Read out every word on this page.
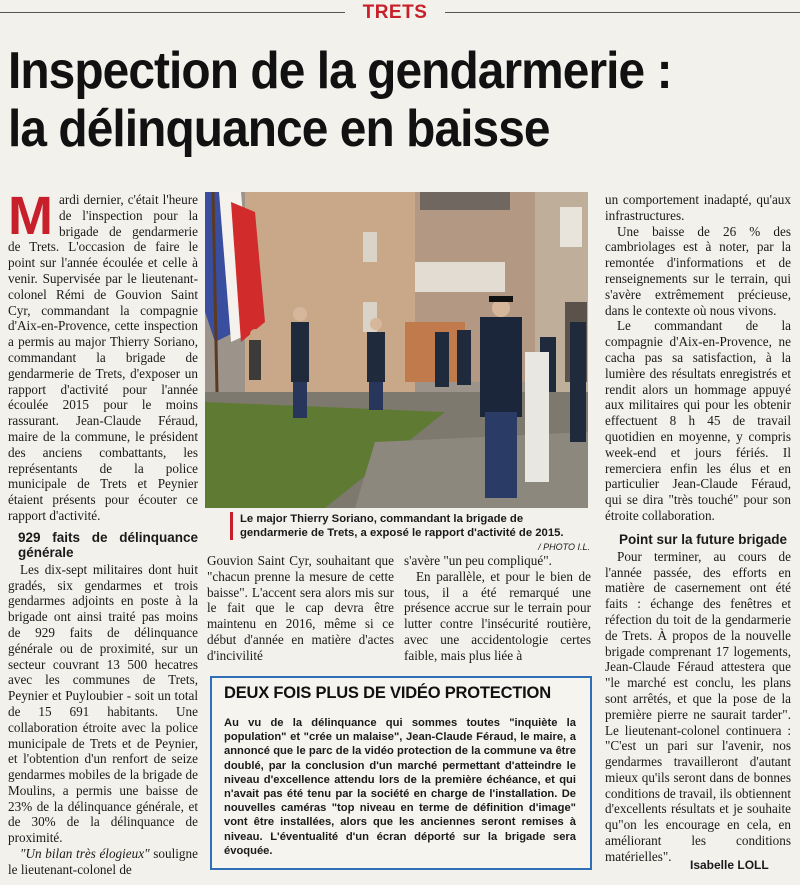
TRETS
Inspection de la gendarmerie :
la délinquance en baisse

Mardi dernier, c'était l'heure de l'inspection pour la brigade de gendarmerie de Trets. L'occasion de faire le point sur l'année écoulée et celle à venir. Supervisée par le lieutenant-colonel Rémi de Gouvion Saint Cyr, commandant la compagnie d'Aix-en-Provence, cette inspection a permis au major Thierry Soriano, commandant la brigade de gendarmerie de Trets, d'exposer un rapport d'activité pour l'année écoulée 2015 pour le moins rassurant. Jean-Claude Féraud, maire de la commune, le président des anciens combattants, les représentants de la police municipale de Trets et Peynier étaient présents pour écouter ce rapport d'activité.

929 faits de délinquance générale

Les dix-sept militaires dont huit gradés, six gendarmes et trois gendarmes adjoints en poste à la brigade ont ainsi traité pas moins de 929 faits de délinquance générale ou de proximité, sur un secteur couvrant 13 500 hecatres avec les communes de Trets, Peynier et Puyloubier - soit un total de 15 691 habitants. Une collaboration étroite avec la police municipale de Trets et de Peynier, et l'obtention d'un renfort de seize gendarmes mobiles de la brigade de Moulins, a permis une baisse de 23% de la délinquance générale, et de 30% de la délinquance de proximité.

"Un bilan très élogieux" souligne le lieutenant-colonel de

Le major Thierry Soriano, commandant la brigade de gendarmerie de Trets, a exposé le rapport d'activité de 2015.
/ PHOTO I.L.

Gouvion Saint Cyr, souhaitant que "chacun prenne la mesure de cette baisse". L'accent sera alors mis sur le fait que le cap devra être maintenu en 2016, même si ce début d'année en matière d'actes d'incivilité

s'avère "un peu compliqué".

En parallèle, et pour le bien de tous, il a été remarqué une présence accrue sur le terrain pour lutter contre l'insécurité routière, avec une accidentologie certes faible, mais plus liée à

DEUX FOIS PLUS DE VIDÉO PROTECTION
Au vu de la délinquance qui sommes toutes "inquiète la population" et "crée un malaise", Jean-Claude Féraud, le maire, a annoncé que le parc de la vidéo protection de la commune va être doublé, par la conclusion d'un marché permettant d'atteindre le niveau d'excellence attendu lors de la première échéance, et qui n'avait pas été tenu par la société en charge de l'installation. De nouvelles caméras "top niveau en terme de définition d'image" vont être installées, alors que les anciennes seront remises à niveau. L'éventualité d'un écran déporté sur la brigade sera évoquée.

un comportement inadapté, qu'aux infrastructures.

Une baisse de 26 % des cambriolages est à noter, par la remontée d'informations et de renseignements sur le terrain, qui s'avère extrêmement précieuse, dans le contexte où nous vivons.

Le commandant de la compagnie d'Aix-en-Provence, ne cacha pas sa satisfaction, à la lumière des résultats enregistrés et rendit alors un hommage appuyé aux militaires qui pour les obtenir effectuent 8 h 45 de travail quotidien en moyenne, y compris week-end et jours fériés. Il remerciera enfin les élus et en particulier Jean-Claude Féraud, qui se dira "très touché" pour son étroite collaboration.

Point sur la future brigade

Pour terminer, au cours de l'année passée, des efforts en matière de casernement ont été faits : échange des fenêtres et réfection du toit de la gendarmerie de Trets. À propos de la nouvelle brigade comprenant 17 logements, Jean-Claude Féraud attestera que "le marché est conclu, les plans sont arrêtés, et que la pose de la première pierre ne saurait tarder". Le lieutenant-colonel continuera : "C'est un pari sur l'avenir, nos gendarmes travailleront d'autant mieux qu'ils seront dans de bonnes conditions de travail, ils obtiennent d'excellents résultats et je souhaite qu"on les encourage en cela, en améliorant les conditions matérielles".

Isabelle LOLL
